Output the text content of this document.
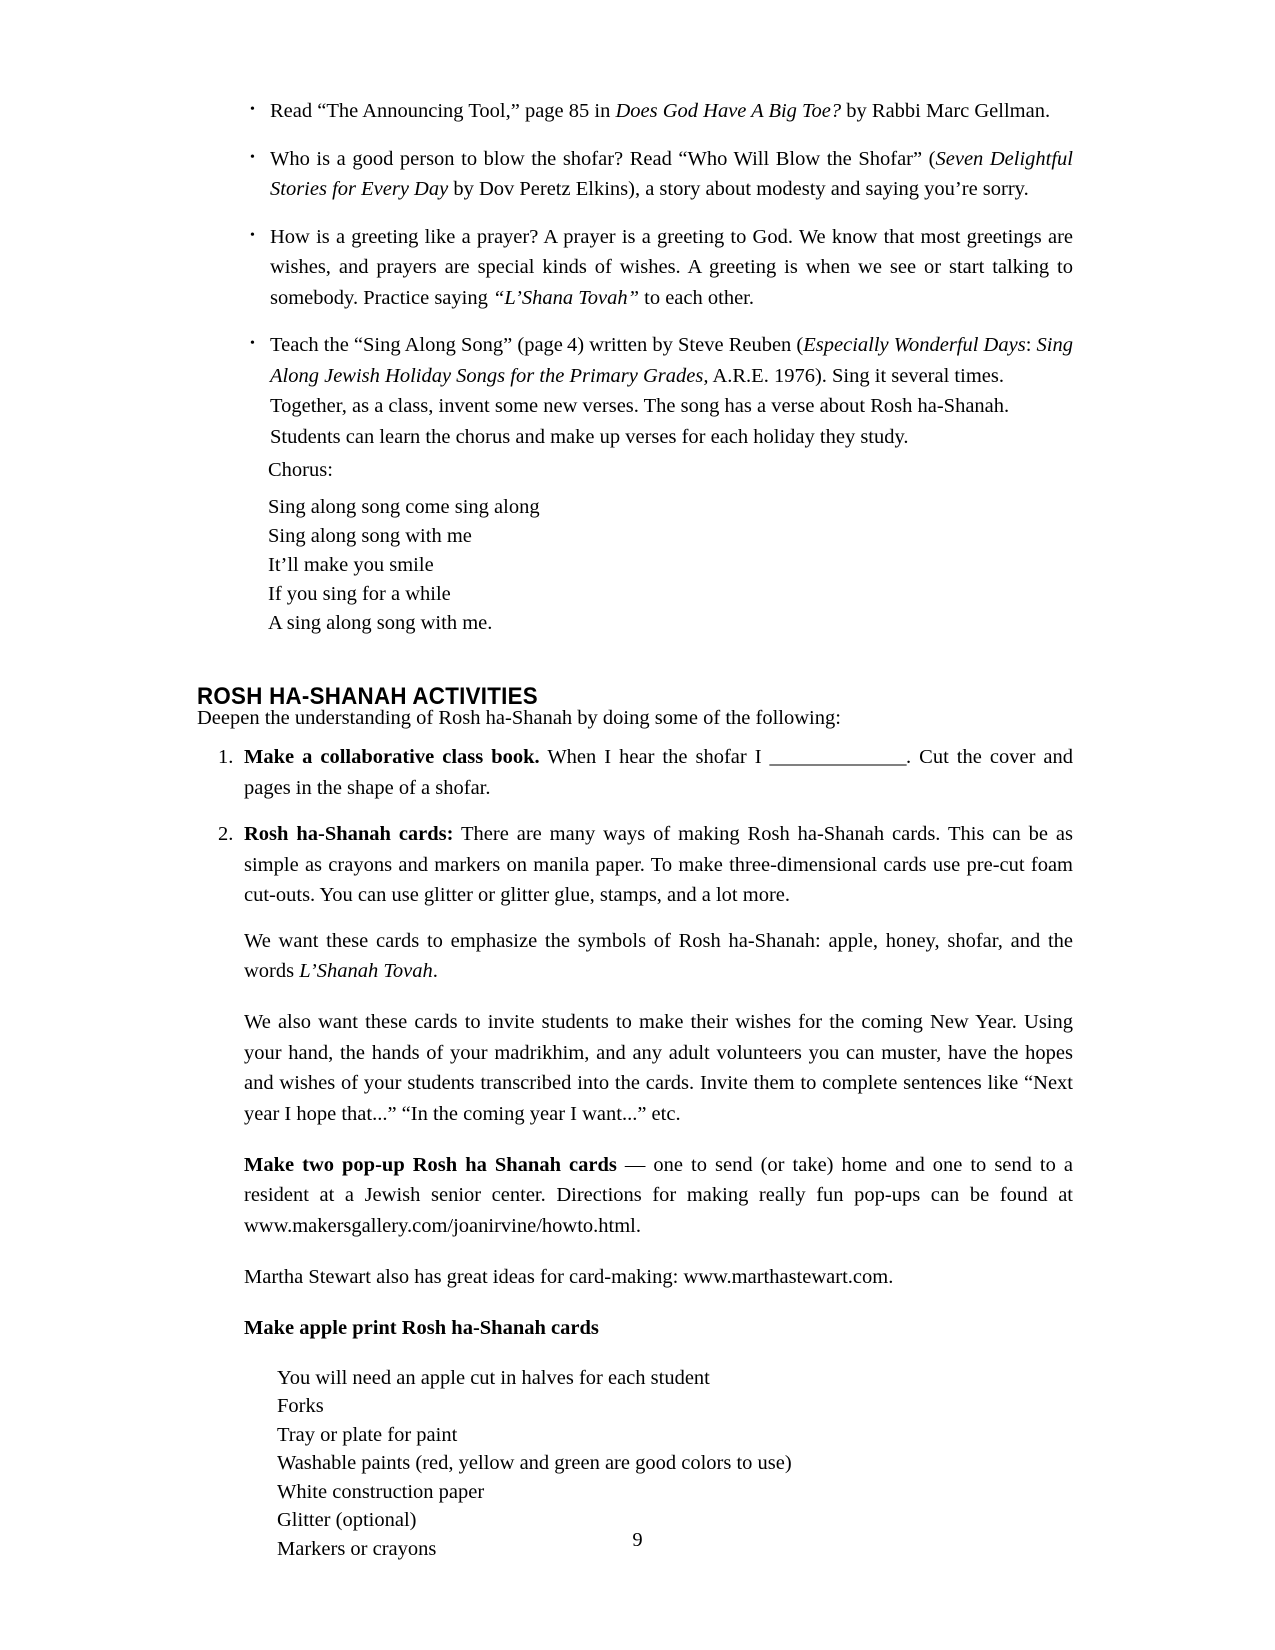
• Read “The Announcing Tool,” page 85 in Does God Have A Big Toe? by Rabbi Marc Gellman.
• Who is a good person to blow the shofar? Read “Who Will Blow the Shofar” (Seven Delightful Stories for Every Day by Dov Peretz Elkins), a story about modesty and saying you’re sorry.
• How is a greeting like a prayer? A prayer is a greeting to God. We know that most greetings are wishes, and prayers are special kinds of wishes. A greeting is when we see or start talking to somebody. Practice saying “L’Shana Tovah” to each other.
• Teach the “Sing Along Song” (page 4) written by Steve Reuben (Especially Wonderful Days: Sing Along Jewish Holiday Songs for the Primary Grades, A.R.E. 1976). Sing it several times. Together, as a class, invent some new verses. The song has a verse about Rosh ha-Shanah. Students can learn the chorus and make up verses for each holiday they study.
Chorus:
Sing along song come sing along
Sing along song with me
It’ll make you smile
If you sing for a while
A sing along song with me.
ROSH HA-SHANAH ACTIVITIES
Deepen the understanding of Rosh ha-Shanah by doing some of the following:
1. Make a collaborative class book. When I hear the shofar I ______________. Cut the cover and pages in the shape of a shofar.
2. Rosh ha-Shanah cards: There are many ways of making Rosh ha-Shanah cards. This can be as simple as crayons and markers on manila paper. To make three-dimensional cards use pre-cut foam cut-outs. You can use glitter or glitter glue, stamps, and a lot more.

We want these cards to emphasize the symbols of Rosh ha-Shanah: apple, honey, shofar, and the words L’Shanah Tovah.

We also want these cards to invite students to make their wishes for the coming New Year. Using your hand, the hands of your madrikhim, and any adult volunteers you can muster, have the hopes and wishes of your students transcribed into the cards. Invite them to complete sentences like “Next year I hope that...” “In the coming year I want...” etc.

Make two pop-up Rosh ha Shanah cards — one to send (or take) home and one to send to a resident at a Jewish senior center. Directions for making really fun pop-ups can be found at www.makersgallery.com/joanirvine/howto.html.

Martha Stewart also has great ideas for card-making: www.marthastewart.com.

Make apple print Rosh ha-Shanah cards

You will need an apple cut in halves for each student
Forks
Tray or plate for paint
Washable paints (red, yellow and green are good colors to use)
White construction paper
Glitter (optional)
Markers or crayons	9
